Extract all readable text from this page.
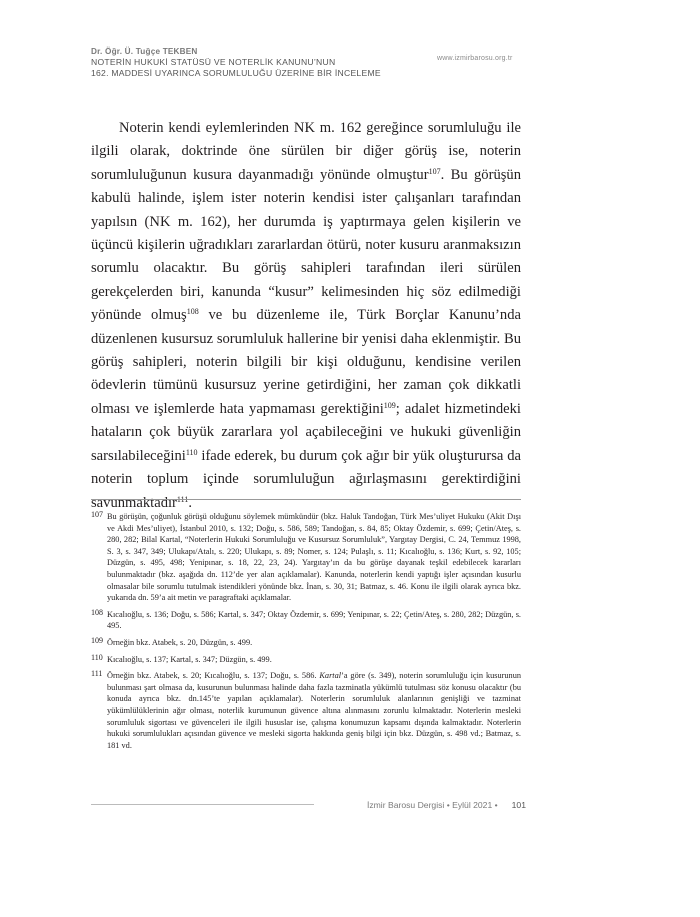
Dr. Öğr. Ü. Tuğçe TEKBEN
NOTERİN HUKUKİ STATÜSÜ VE NOTERLİK KANUNU’NUN
162. MADDESİ UYARINCA SORUMLULUĞU ÜZERİNE BİR İNCELEME
www.izmirbarosu.org.tr

Noterin kendi eylemlerinden NK m. 162 gereğince sorumluluğu ile ilgili olarak, doktrinde öne sürülen bir diğer görüş ise, noterin sorumluluğunun kusura dayanmadığı yönünde olmuştur$^{107}$. Bu görüşün kabulü halinde, işlem ister noterin kendisi ister çalışanları tarafından yapılsın (NK m. 162), her durumda iş yaptırmaya gelen kişilerin ve üçüncü kişilerin uğradıkları zararlardan ötürü, noter kusuru aranmaksızın sorumlu olacaktır. Bu görüş sahipleri tarafından ileri sürülen gerekçelerden biri, kanunda “kusur” kelimesinden hiç söz edilmediği yönünde olmuş$^{108}$ ve bu düzenleme ile, Türk Borçlar Kanunu’nda düzenlenen kusursuz sorumluluk hallerine bir yenisi daha eklenmiştir. Bu görüş sahipleri, noterin bilgili bir kişi olduğunu, kendisine verilen ödevlerin tümünü kusursuz yerine getirdiğini, her zaman çok dikkatli olması ve işlemlerde hata yapmaması gerektiğini$^{109}$; adalet hizmetindeki hataların çok büyük zararlara yol açabileceğini ve hukuki güvenliğin sarsılabileceğini$^{110}$ ifade ederek, bu durum çok ağır bir yük oluşturursa da noterin toplum içinde sorumluluğun ağırlaşmasını gerektirdiğini savunmaktadır$^{111}$.

107 Bu görüşün, çoğunluk görüşü olduğunu söylemek mümkündür (bkz. Haluk Tandoğan, Türk Mes’uliyet Hukuku (Akit Dışı ve Akdi Mes’uliyet), İstanbul 2010, s. 132; Doğu, s. 586, 589; Tandoğan, s. 84, 85; Oktay Özdemir, s. 699; Çetin/Ateş, s. 280, 282; Bilal Kartal, “Noterlerin Hukuki Sorumluluğu ve Kusursuz Sorumluluk”, Yargıtay Dergisi, C. 24, Temmuz 1998, S. 3, s. 347, 349; Ulukapı/Atalı, s. 220; Ulukapı, s. 89; Nomer, s. 124; Pulaşlı, s. 11; Kıcalıoğlu, s. 136; Kurt, s. 92, 105; Düzgün, s. 495, 498; Yenipınar, s. 18, 22, 23, 24). Yargıtay’ın da bu görüşe dayanak teşkil edebilecek kararları bulunmaktadır (bkz. aşağıda dn. 112’de yer alan açıklamalar). Kanunda, noterlerin kendi yaptığı işler açısından kusurlu olmasalar bile sorumlu tutulmak istendikleri yönünde bkz. İnan, s. 30, 31; Batmaz, s. 46. Konu ile ilgili olarak ayrıca bkz. yukarıda dn. 59’a ait metin ve paragraftaki açıklamalar.
108 Kıcalıoğlu, s. 136; Doğu, s. 586; Kartal, s. 347; Oktay Özdemir, s. 699; Yenipınar, s. 22; Çetin/Ateş, s. 280, 282; Düzgün, s. 495.
109 Örneğin bkz. Atabek, s. 20, Düzgün, s. 499.
110 Kıcalıoğlu, s. 137; Kartal, s. 347; Düzgün, s. 499.
111 Örneğin bkz. Atabek, s. 20; Kıcalıoğlu, s. 137; Doğu, s. 586. Kartal’a göre (s. 349), noterin sorumluluğu için kusurunun bulunması şart olmasa da, kusurunun bulunması halinde daha fazla tazminatla yükümlü tutulması söz konusu olacaktır (bu konuda ayrıca bkz. dn.145’te yapılan açıklamalar). Noterlerin sorumluluk alanlarının genişliği ve tazminat yükümlülüklerinin ağır olması, noterlik kurumunun güvence altına alınmasını zorunlu kılmaktadır. Noterlerin mesleki sorumluluk sigortası ve güvenceleri ile ilgili hususlar ise, çalışma konumuzun kapsamı dışında kalmaktadır. Noterlerin hukuki sorumlulukları açısından güvence ve mesleki sigorta hakkında geniş bilgi için bkz. Düzgün, s. 498 vd.; Batmaz, s. 181 vd.
İzmir Barosu Dergisi • Eylül 2021 • 101
